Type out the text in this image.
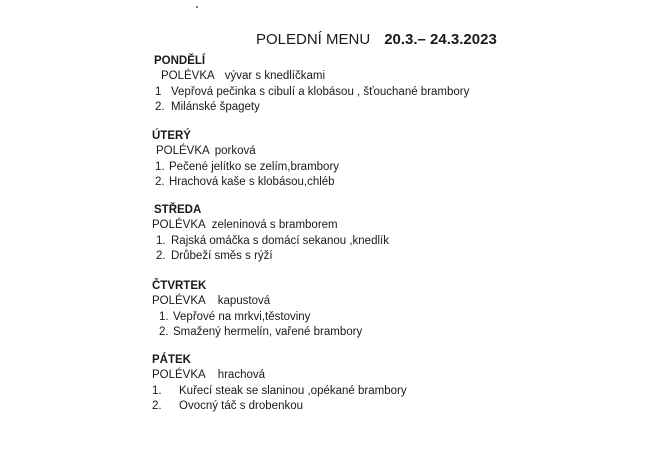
POLEDNÍ MENU 20.3.– 24.3.2023
PONDĚLÍ
POLÉVKA vývar s knedlíčkami
1 Vepřová pečinka s cibulí a klobásou , šťouchané brambory
2. Milánské špagety
ÚTERÝ
POLÉVKA porková
1. Pečené jelítko se zelím,brambory
2. Hrachová kaše s klobásou,chléb
STŘEDA
POLÉVKA zeleninová s bramborem
1. Rajská omáčka s domácí sekanou ,knedlík
2. Drůbeží směs s rýží
ČTVRTEK
POLÉVKA kapustová
1. Vepřové na mrkvi,těstoviny
2. Smažený hermelín, vařené brambory
PÁTEK
POLÉVKA hrachová
1. Kuřecí steak se slaninou ,opékané brambory
2. Ovocný táč s drobenkou
